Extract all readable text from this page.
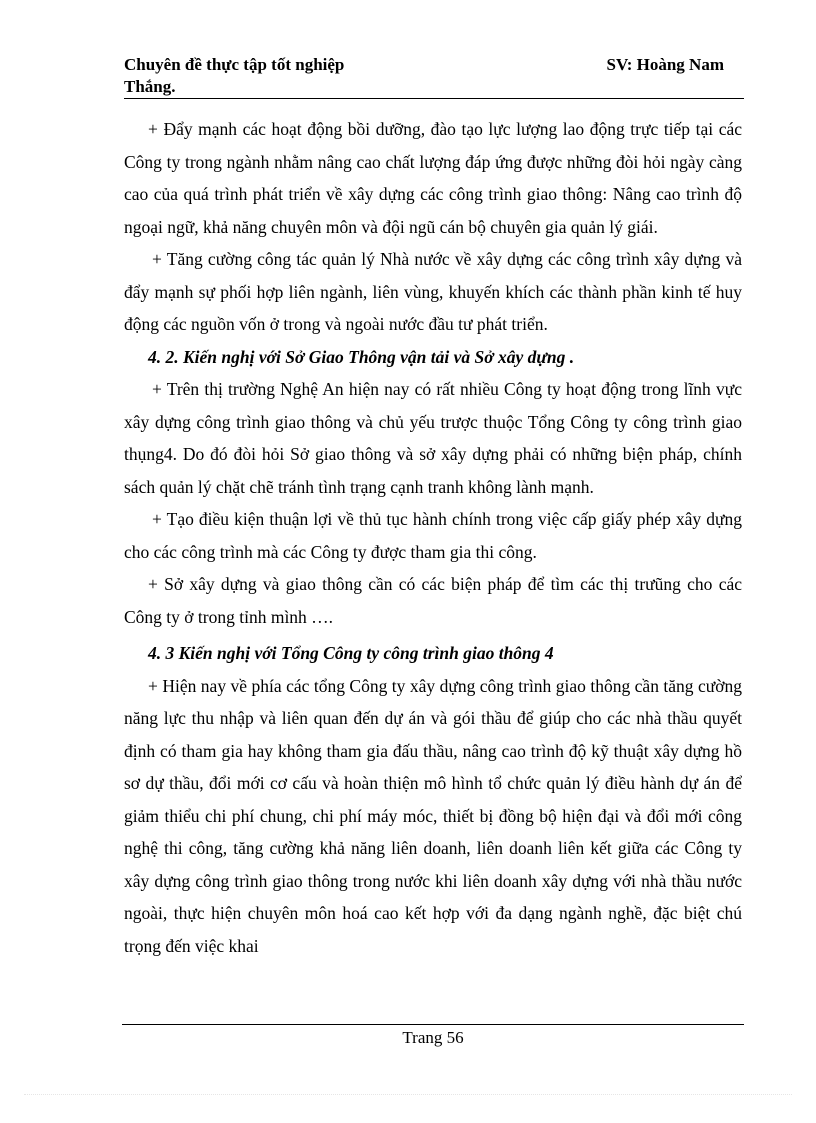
Chuyên đề thực tập tốt nghiệp	SV: Hoàng Nam
Thắng.

+ Đẩy mạnh các hoạt động bồi dưỡng, đào tạo lực lượng lao động trực tiếp tại các Công ty trong ngành nhằm nâng cao chất lượng đáp ứng được những đòi hỏi ngày càng cao của quá trình phát triển về xây dựng các công trình giao thông: Nâng cao trình độ ngoại ngữ, khả năng chuyên môn và đội ngũ cán bộ chuyên gia quản lý giái.

+ Tăng cường công tác quản lý Nhà nước về xây dựng các công trình xây dựng và đẩy mạnh sự phối hợp liên ngành, liên vùng, khuyến khích các thành phần kinh tế huy động các nguồn vốn ở trong và ngoài nước đầu tư phát triển.

4. 2. Kiến nghị với Sở Giao Thông vận tải và Sở xây dựng .

+ Trên thị trường Nghệ An hiện nay có rất nhiều Công ty hoạt động trong lĩnh vực xây dựng công trình giao thông và chủ yếu trược thuộc Tổng Công ty công trình giao thụng4. Do đó đòi hỏi Sở giao thông và sở xây dựng phải có những biện pháp, chính sách quản lý chặt chẽ tránh tình trạng cạnh tranh không lành mạnh.

+ Tạo điều kiện thuận lợi về thủ tục hành chính trong việc cấp giấy phép xây dựng cho các công trình mà các Công ty được tham gia thi công.

+ Sở xây dựng và giao thông cần có các biện pháp để tìm các thị trưũng cho các Công ty ở trong tỉnh mình ….

4. 3 Kiến nghị với Tổng Công ty công trình giao thông 4

+ Hiện nay về phía các tổng Công ty xây dựng công trình giao thông cần tăng cường năng lực thu nhập và liên quan đến dự án và gói thầu để giúp cho các nhà thầu quyết định có tham gia hay không tham gia đấu thầu, nâng cao trình độ kỹ thuật xây dựng hồ sơ dự thầu, đổi mới cơ cấu và hoàn thiện mô hình tổ chức quản lý điều hành dự án để giảm thiểu chi phí chung, chi phí máy móc, thiết bị đồng bộ hiện đại và đổi mới công nghệ thi công, tăng cường khả năng liên doanh, liên doanh liên kết giữa các Công ty xây dựng công trình giao thông trong nước khi liên doanh xây dựng với nhà thầu nước ngoài, thực hiện chuyên môn hoá cao kết hợp với đa dạng ngành nghề, đặc biệt chú trọng đến việc khai

Trang 56
